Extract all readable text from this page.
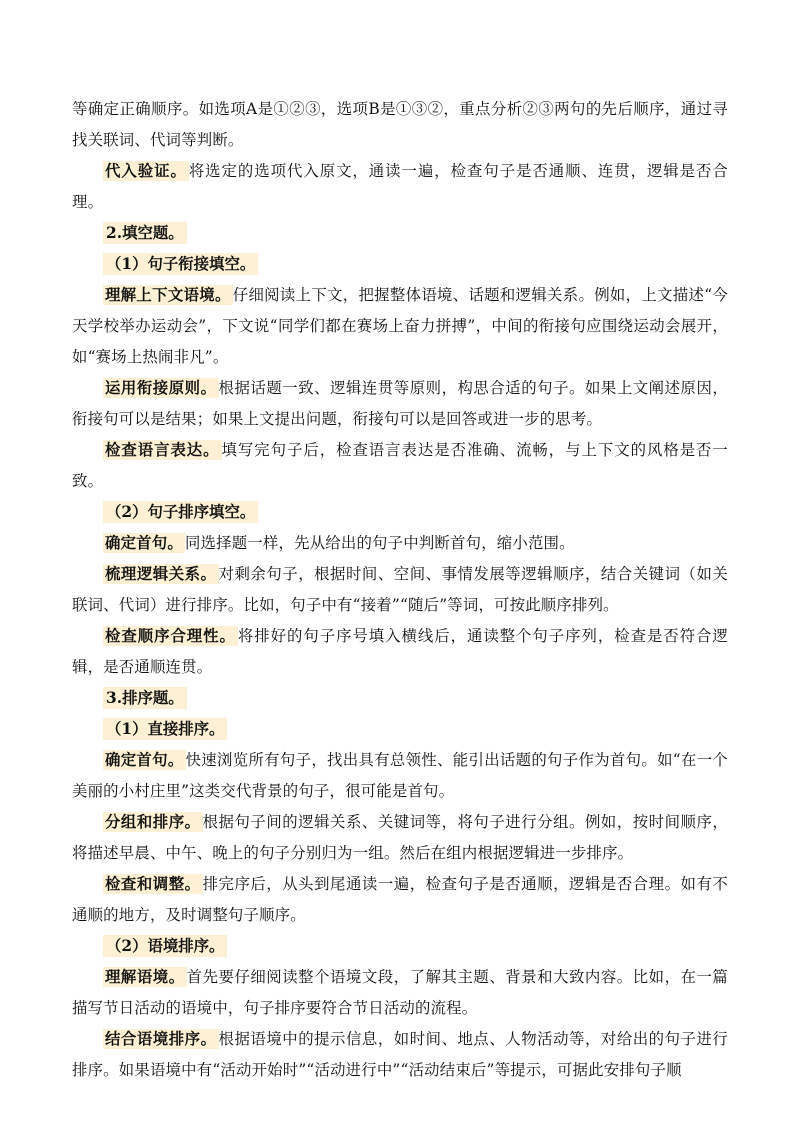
等确定正确顺序。如选项A是①②③，选项B是①③②，重点分析②③两句的先后顺序，通过寻找关联词、代词等判断。

代入验证。 将选定的选项代入原文，通读一遍，检查句子是否通顺、连贯，逻辑是否合理。

2.填空题。

（1）句子衔接填空。

理解上下文语境。 仔细阅读上下文，把握整体语境、话题和逻辑关系。例如，上文描述“今天学校举办运动会”，下文说“同学们都在赛场上奋力拼搏”，中间的衔接句应围绕运动会展开，如“赛场上热闹非凡”。

运用衔接原则。 根据话题一致、逻辑连贯等原则，构思合适的句子。如果上文阐述原因，衔接句可以是结果；如果上文提出问题，衔接句可以是回答或进一步的思考。

检查语言表达。 填写完句子后，检查语言表达是否准确、流畅，与上下文的风格是否一致。

（2）句子排序填空。

确定首句。 同选择题一样，先从给出的句子中判断首句，缩小范围。

梳理逻辑关系。 对剩余句子，根据时间、空间、事情发展等逻辑顺序，结合关键词（如关联词、代词）进行排序。比如，句子中有“接着”“随后”等词，可按此顺序排列。

检查顺序合理性。 将排好的句子序号填入横线后，通读整个句子序列，检查是否符合逻辑，是否通顺连贯。

3.排序题。

（1）直接排序。

确定首句。 快速浏览所有句子，找出具有总领性、能引出话题的句子作为首句。如“在一个美丽的小村庄里”这类交代背景的句子，很可能是首句。

分组和排序。 根据句子间的逻辑关系、关键词等，将句子进行分组。例如，按时间顺序，将描述早晨、中午、晚上的句子分别归为一组。然后在组内根据逻辑进一步排序。

检查和调整。 排完序后，从头到尾通读一遍，检查句子是否通顺，逻辑是否合理。如有不通顺的地方，及时调整句子顺序。

（2）语境排序。

理解语境。 首先要仔细阅读整个语境文段，了解其主题、背景和大致内容。比如，在一篇描写节日活动的语境中，句子排序要符合节日活动的流程。

结合语境排序。 根据语境中的提示信息，如时间、地点、人物活动等，对给出的句子进行排序。如果语境中有“活动开始时”“活动进行中”“活动结束后”等提示，可据此安排句子顺
